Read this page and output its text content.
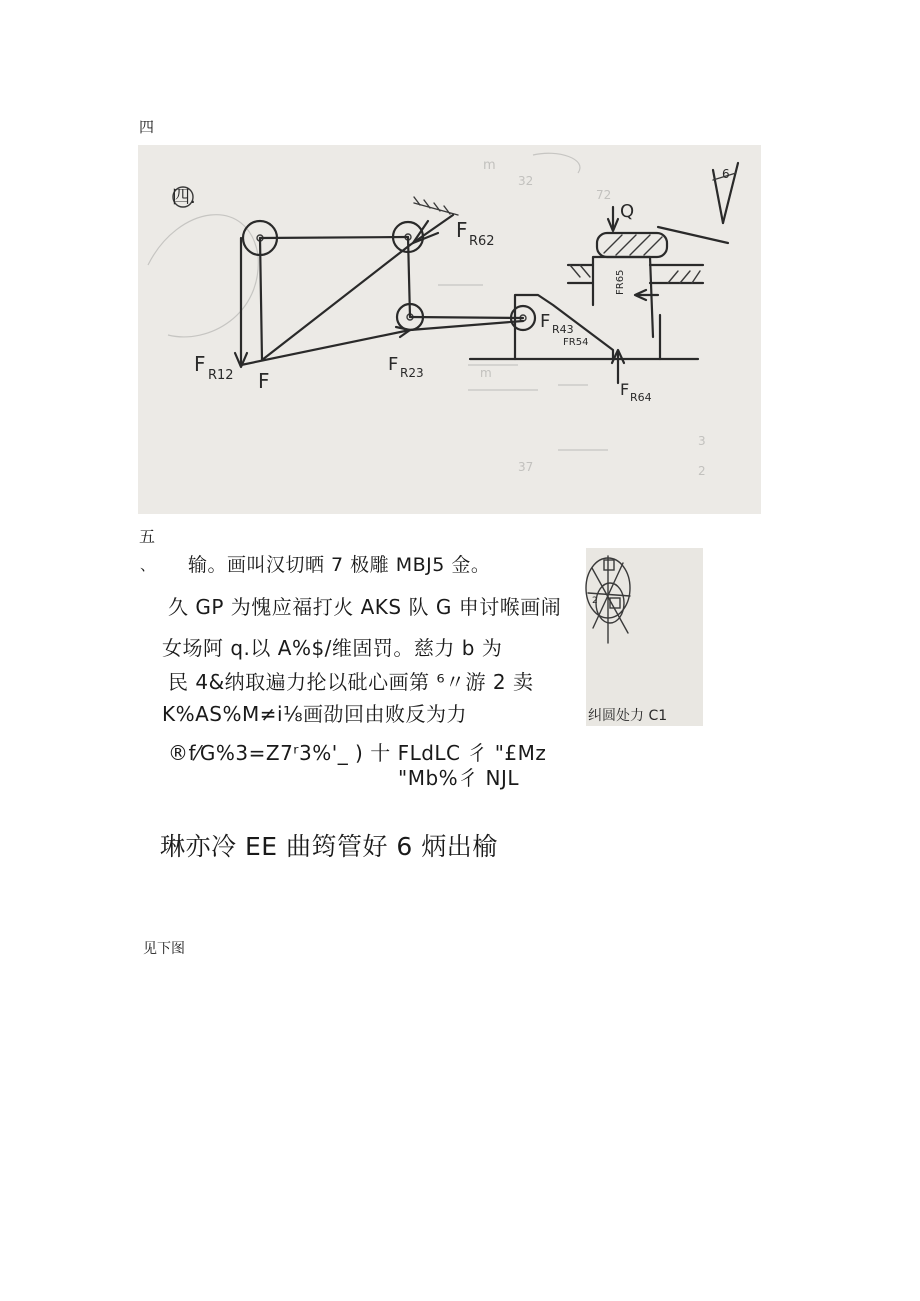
四
m
32
72
m
37
3
2
四.
F R12 F
F R23
F R62
Q
6
F R43
FR54
FR65
F R64
五
、 输。画叫汉切晒 7 极雕 MBJ5 金。
久 GP 为愧应福打火 AKS 队 G 申讨喉画闹
女场阿 q.以 A%$/维固罚。慈力 b 为
民 4&纳取遍力抡以砒心画第 ⁶〃游 2 卖
K%AS%M≠i⅛画劭回由败反为力
®f⁄G%3=Z7ʳ3%'_ ) 十 FLdLC 彳 "£Mz
"Mb%彳 NJL
琳亦冷 EE 曲筠管好 6 炳出榆
2
纠圆处力 C1
见下图
